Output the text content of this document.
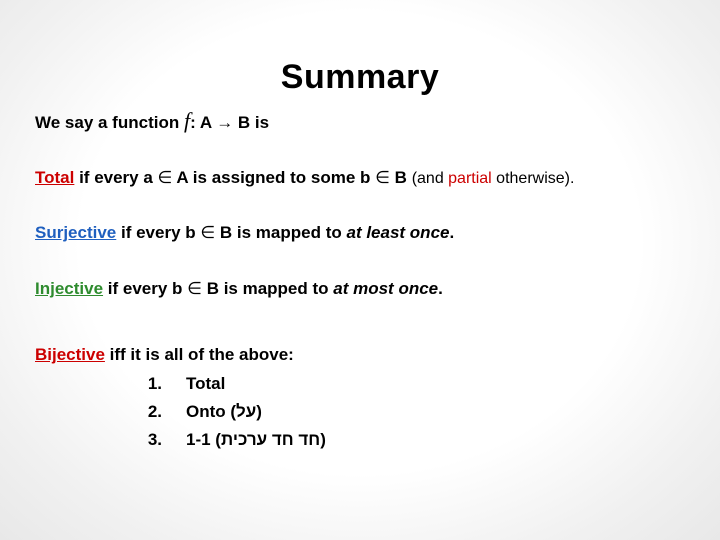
Summary
We say a function f: A → B is
Total if every a ∈ A is assigned to some b ∈ B (and partial otherwise).
Surjective if every b ∈ B is mapped to at least once.
Injective if every b ∈ B is mapped to at most once.
Bijective iff it is all of the above:
1. Total
2. Onto (על)
3. 1-1 (חד חד ערכית)
